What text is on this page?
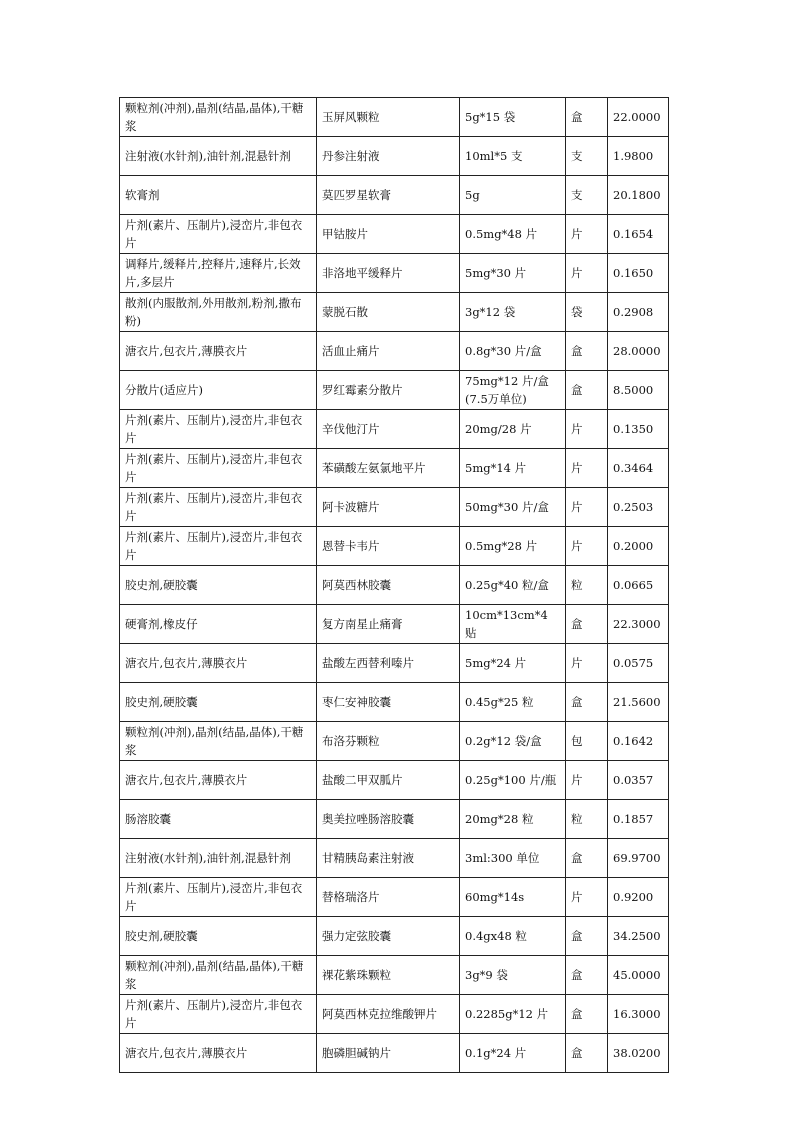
颗粒剂(冲剂),晶剂(结晶,晶体),干糖浆	玉屏风颗粒	5g*15 袋	盒	22.0000
注射液(水针剂),油针剂,混悬针剂	丹参注射液	10ml*5 支	支	1.9800
软膏剂	莫匹罗星软膏	5g	支	20.1800
片剂(素片、压制片),浸峦片,非包衣片	甲钴胺片	0.5mg*48 片	片	0.1654
调释片,缓释片,控释片,速释片,长效片,多层片	非洛地平缓释片	5mg*30 片	片	0.1650
散剂(内服散剂,外用散剂,粉剂,撒布粉)	蒙脱石散	3g*12 袋	袋	0.2908
溏衣片,包衣片,薄膜衣片	活血止痛片	0.8g*30 片/盒	盒	28.0000
分散片(适应片)	罗红霉素分散片	75mg*12 片/盒(7.5万单位)	盒	8.5000
片剂(素片、压制片),浸峦片,非包衣片	辛伐他汀片	20mg/28 片	片	0.1350
片剂(素片、压制片),浸峦片,非包衣片	苯磺酸左氨氯地平片	5mg*14 片	片	0.3464
片剂(素片、压制片),浸峦片,非包衣片	阿卡波糖片	50mg*30 片/盒	片	0.2503
片剂(素片、压制片),浸峦片,非包衣片	恩替卡韦片	0.5mg*28 片	片	0.2000
胶史剂,硬胶囊	阿莫西林胶囊	0.25g*40 粒/盒	粒	0.0665
硬膏剂,橡皮仔	复方南星止痛膏	10cm*13cm*4 贴	盒	22.3000
溏衣片,包衣片,薄膜衣片	盐酸左西替利嗪片	5mg*24 片	片	0.0575
胶史剂,硬胶囊	枣仁安神胶囊	0.45g*25 粒	盒	21.5600
颗粒剂(冲剂),晶剂(结晶,晶体),干糖浆	布洛芬颗粒	0.2g*12 袋/盒	包	0.1642
溏衣片,包衣片,薄膜衣片	盐酸二甲双胍片	0.25g*100 片/瓶	片	0.0357
肠溶胶囊	奥美拉唑肠溶胶囊	20mg*28 粒	粒	0.1857
注射液(水针剂),油针剂,混悬针剂	甘精胰岛素注射液	3ml:300 单位	盒	69.9700
片剂(素片、压制片),浸峦片,非包衣片	替格瑞洛片	60mg*14s	片	0.9200
胶史剂,硬胶囊	强力定弦胶囊	0.4gx48 粒	盒	34.2500
颗粒剂(冲剂),晶剂(结晶,晶体),干糖浆	裸花紫珠颗粒	3g*9 袋	盒	45.0000
片剂(素片、压制片),浸峦片,非包衣片	阿莫西林克拉维酸钾片	0.2285g*12 片	盒	16.3000
溏衣片,包衣片,薄膜衣片	胞磷胆碱钠片	0.1g*24 片	盒	38.0200
